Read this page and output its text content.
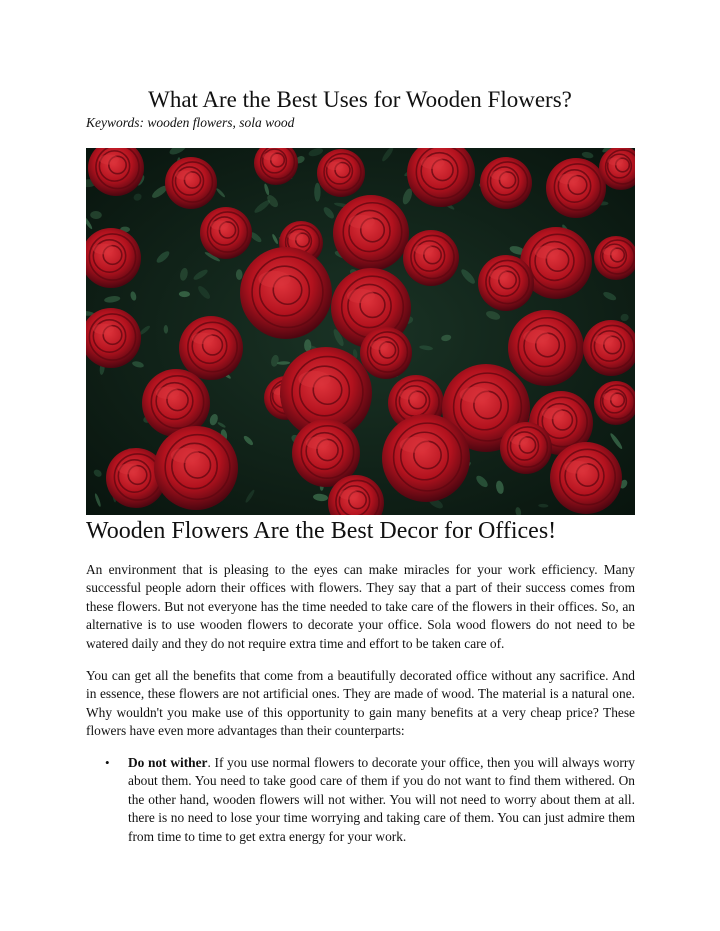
What Are the Best Uses for Wooden Flowers?
Keywords: wooden flowers, sola wood
Wooden Flowers Are the Best Decor for Offices!

An environment that is pleasing to the eyes can make miracles for your work efficiency. Many successful people adorn their offices with flowers. They say that a part of their success comes from these flowers. But not everyone has the time needed to take care of the flowers in their offices. So, an alternative is to use wooden flowers to decorate your office. Sola wood flowers do not need to be watered daily and they do not require extra time and effort to be taken care of.

You can get all the benefits that come from a beautifully decorated office without any sacrifice. And in essence, these flowers are not artificial ones. They are made of wood. The material is a natural one. Why wouldn't you make use of this opportunity to gain many benefits at a very cheap price? These flowers have even more advantages than their counterparts:

• Do not wither. If you use normal flowers to decorate your office, then you will always worry about them. You need to take good care of them if you do not want to find them withered. On the other hand, wooden flowers will not wither. You will not need to worry about them at all. there is no need to lose your time worrying and taking care of them. You can just admire them from time to time to get extra energy for your work.
